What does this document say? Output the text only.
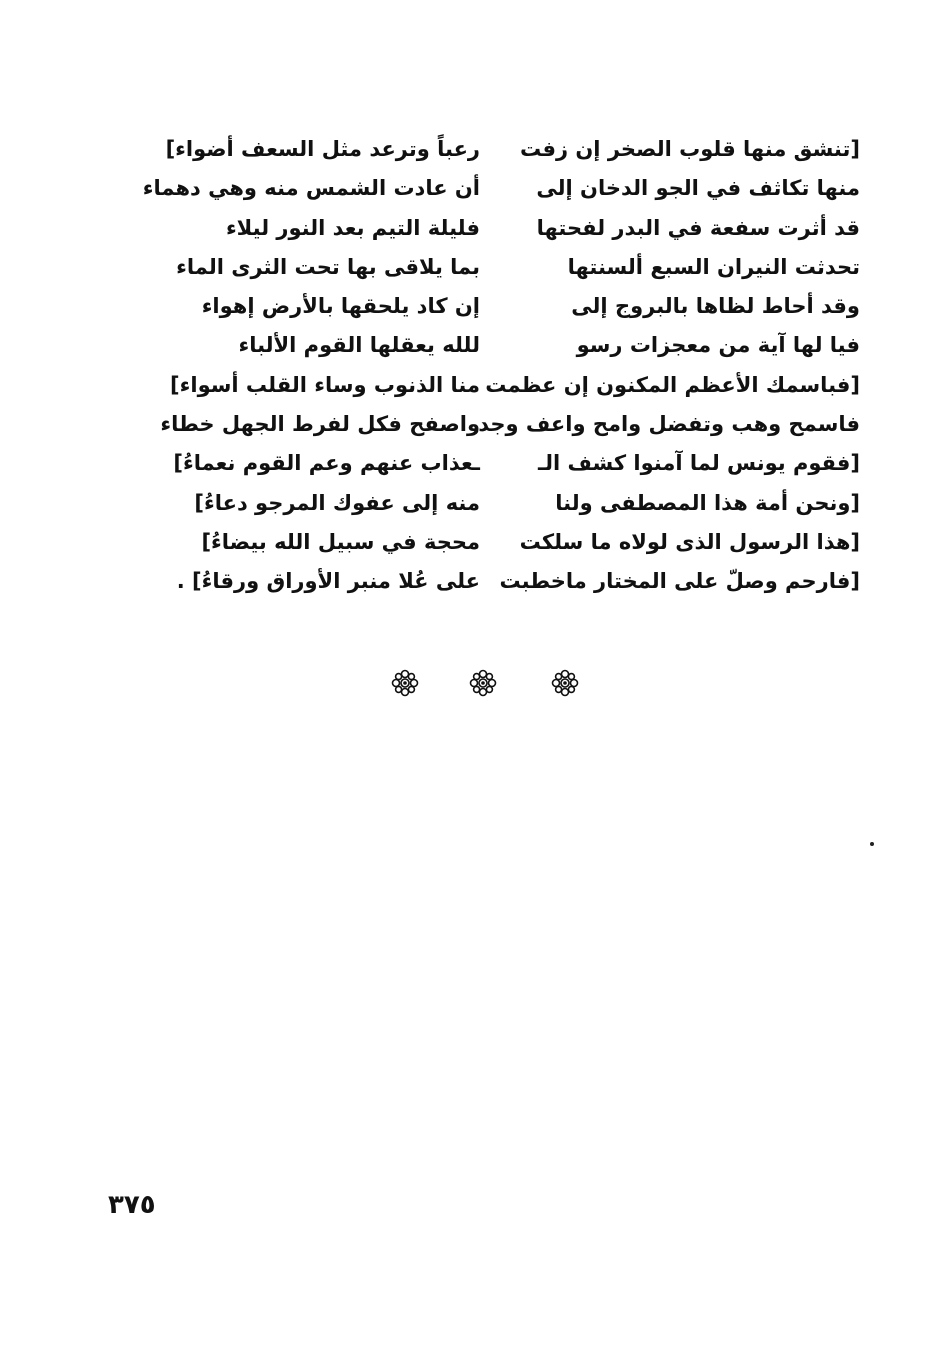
[تنشق منها قلوب الصخر إن زفت
رعباً وترعد مثل السعف أضواء]
منها تكاثف في الجو الدخان إلى
أن عادت الشمس منه وهي دهماء
قد أثرت سفعة في البدر لفحتها
فليلة التيم بعد النور ليلاء
تحدثت النيران السبع ألسنتها
بما يلاقى بها تحت الثرى الماء
وقد أحاط لظاها بالبروج إلى
إن كاد يلحقها بالأرض إهواء
فيا لها آية من معجزات رسو
للله يعقلها القوم الألباء
[فباسمك الأعظم المكنون إن عظمت
منا الذنوب وساء القلب أسواء]
فاسمح وهب وتفضل وامح واعف وجد
واصفح فكل لفرط الجهل خطاء
[فقوم يونس لما آمنوا كشف الـ
ـعذاب عنهم وعم القوم نعماءُ]
[ونحن أمة هذا المصطفى ولنا
منه إلى عفوك المرجو دعاءُ]
[هذا الرسول الذى لولاه ما سلكت
محجة في سبيل الله بيضاءُ]
[فارحم وصلّ على المختار ماخطبت
على عُلا منبر الأوراق ورقاءُ] .
٣٧٥
